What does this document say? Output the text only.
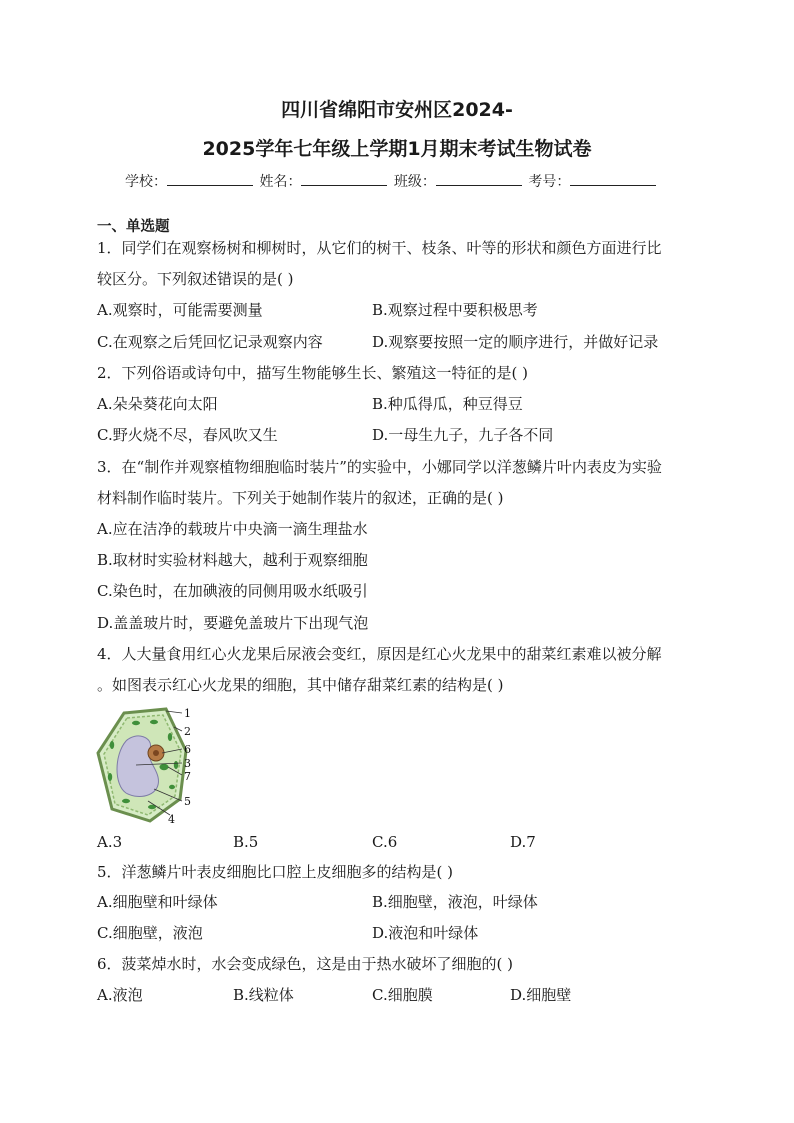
四川省绵阳市安州区2024-
2025学年七年级上学期1月期末考试生物试卷
学校：	姓名：	班级：	考号：
一、单选题
1．同学们在观察杨树和柳树时，从它们的树干、枝条、叶等的形状和颜色方面进行比
较区分。下列叙述错误的是( )
A.观察时，可能需要测量	B.观察过程中要积极思考
C.在观察之后凭回忆记录观察内容	D.观察要按照一定的顺序进行，并做好记录
2．下列俗语或诗句中，描写生物能够生长、繁殖这一特征的是( )
A.朵朵葵花向太阳	B.种瓜得瓜，种豆得豆
C.野火烧不尽，春风吹又生	D.一母生九子，九子各不同
3．在“制作并观察植物细胞临时装片”的实验中，小娜同学以洋葱鳞片叶内表皮为实验
材料制作临时装片。下列关于她制作装片的叙述，正确的是( )
A.应在洁净的载玻片中央滴一滴生理盐水
B.取材时实验材料越大，越利于观察细胞
C.染色时，在加碘液的同侧用吸水纸吸引
D.盖盖玻片时，要避免盖玻片下出现气泡
4．人大量食用红心火龙果后尿液会变红，原因是红心火龙果中的甜菜红素难以被分解
。如图表示红心火龙果的细胞，其中储存甜菜红素的结构是( )
1
2
6
3
7
5
4
A.3	B.5	C.6	D.7
5．洋葱鳞片叶表皮细胞比口腔上皮细胞多的结构是( )
A.细胞壁和叶绿体	B.细胞壁，液泡，叶绿体
C.细胞壁，液泡	D.液泡和叶绿体
6．菠菜焯水时，水会变成绿色，这是由于热水破坏了细胞的( )
A.液泡	B.线粒体	C.细胞膜	D.细胞壁
